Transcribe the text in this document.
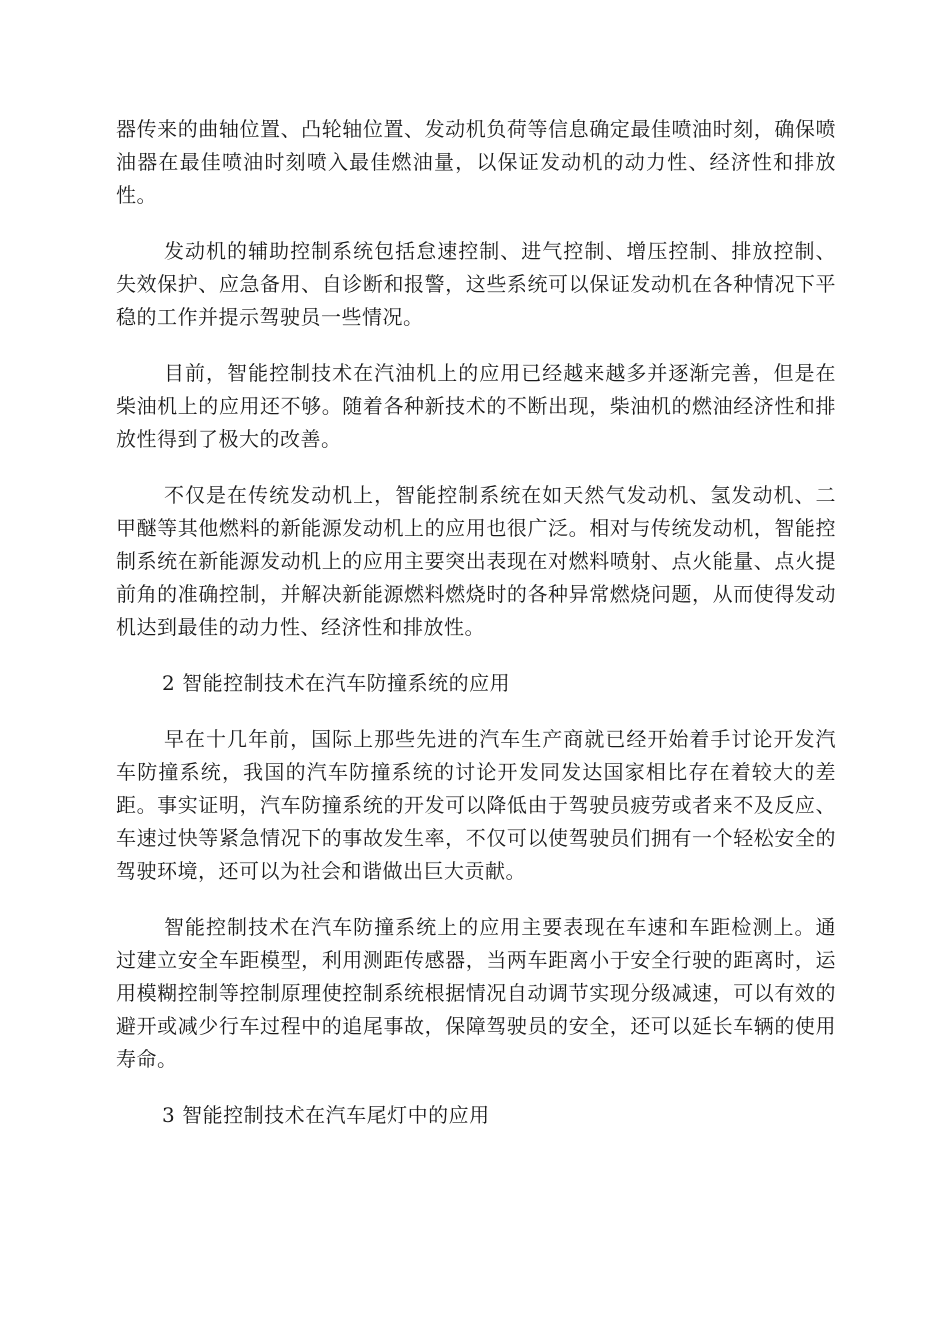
器传来的曲轴位置、凸轮轴位置、发动机负荷等信息确定最佳喷油时刻，确保喷油器在最佳喷油时刻喷入最佳燃油量，以保证发动机的动力性、经济性和排放性。

发动机的辅助控制系统包括怠速控制、进气控制、增压控制、排放控制、失效保护、应急备用、自诊断和报警，这些系统可以保证发动机在各种情况下平稳的工作并提示驾驶员一些情况。

目前，智能控制技术在汽油机上的应用已经越来越多并逐渐完善，但是在柴油机上的应用还不够。随着各种新技术的不断出现，柴油机的燃油经济性和排放性得到了极大的改善。

不仅是在传统发动机上，智能控制系统在如天然气发动机、氢发动机、二甲醚等其他燃料的新能源发动机上的应用也很广泛。相对与传统发动机，智能控制系统在新能源发动机上的应用主要突出表现在对燃料喷射、点火能量、点火提前角的准确控制，并解决新能源燃料燃烧时的各种异常燃烧问题，从而使得发动机达到最佳的动力性、经济性和排放性。

2 智能控制技术在汽车防撞系统的应用

早在十几年前，国际上那些先进的汽车生产商就已经开始着手讨论开发汽车防撞系统，我国的汽车防撞系统的讨论开发同发达国家相比存在着较大的差距。事实证明，汽车防撞系统的开发可以降低由于驾驶员疲劳或者来不及反应、车速过快等紧急情况下的事故发生率，不仅可以使驾驶员们拥有一个轻松安全的驾驶环境，还可以为社会和谐做出巨大贡献。

智能控制技术在汽车防撞系统上的应用主要表现在车速和车距检测上。通过建立安全车距模型，利用测距传感器，当两车距离小于安全行驶的距离时，运用模糊控制等控制原理使控制系统根据情况自动调节实现分级减速，可以有效的避开或减少行车过程中的追尾事故，保障驾驶员的安全，还可以延长车辆的使用寿命。

3 智能控制技术在汽车尾灯中的应用
